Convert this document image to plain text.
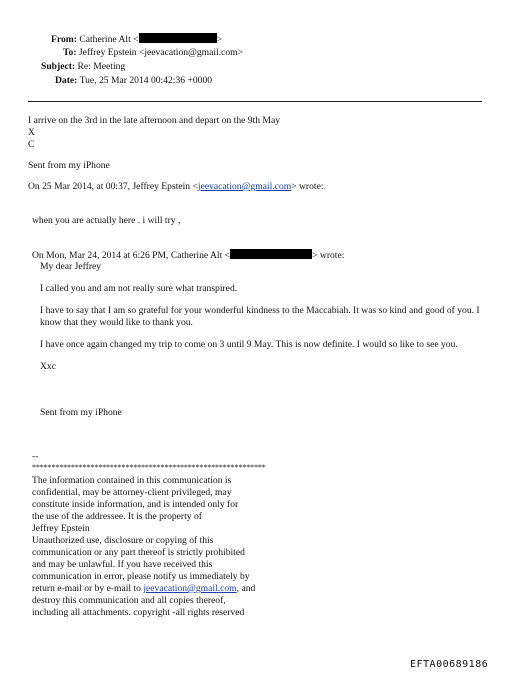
From: Catherine Alt <	>
To: Jeffrey Epstein <jeevacation@gmail.com>
Subject: Re: Meeting
Date: Tue, 25 Mar 2014 00:42:36 +0000
I arrive on the 3rd in the late afternoon and depart on the 9th May
X
C
Sent from my iPhone
On 25 Mar 2014, at 00:37, Jeffrey Epstein <jeevacation@gmail.com> wrote:
when you are actually here . i will try ,
On Mon, Mar 24, 2014 at 6:26 PM, Catherine Alt <	> wrote:
My dear Jeffrey
I called you and am not really sure what transpired.
I have to say that I am so grateful for your wonderful kindness to the Maccabiah. It was so kind and good of you. I know that they would like to thank you.
I have once again changed my trip to come on 3 until 9 May. This is now definite. I would so like to see you.
Xxc
Sent from my iPhone
--
************************************************************
The information contained in this communication is
confidential, may be attorney-client privileged, may
constitute inside information, and is intended only for
the use of the addressee. It is the property of
Jeffrey Epstein
Unauthorized use, disclosure or copying of this
communication or any part thereof is strictly prohibited
and may be unlawful. If you have received this
communication in error, please notify us immediately by
return e-mail or by e-mail to jeevacation@gmail.com, and
destroy this communication and all copies thereof,
including all attachments. copyright -all rights reserved
EFTA00689186
